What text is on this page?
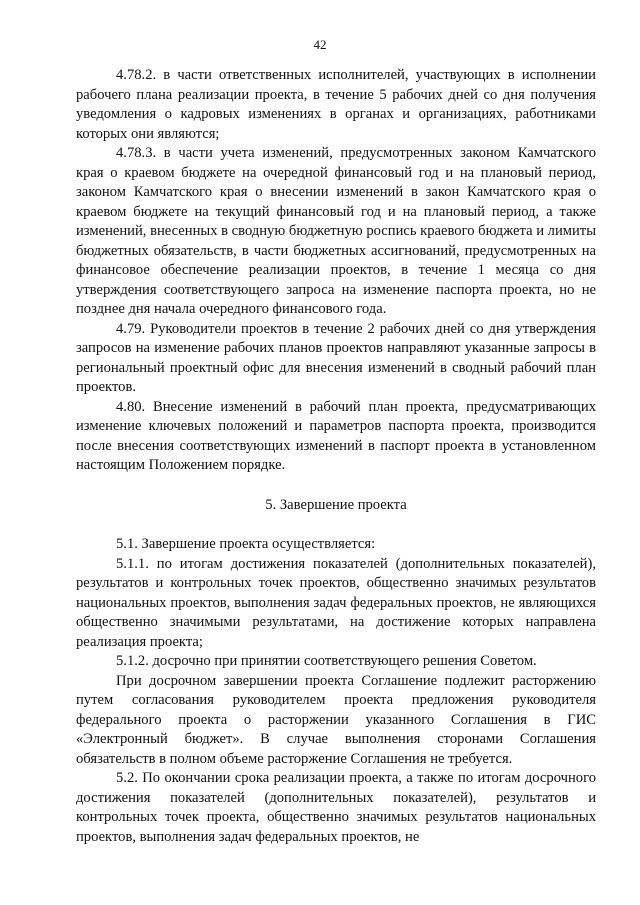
42

4.78.2. в части ответственных исполнителей, участвующих в исполнении рабочего плана реализации проекта, в течение 5 рабочих дней со дня получения уведомления о кадровых изменениях в органах и организациях, работниками которых они являются;

4.78.3. в части учета изменений, предусмотренных законом Камчатского края о краевом бюджете на очередной финансовый год и на плановый период, законом Камчатского края о внесении изменений в закон Камчатского края о краевом бюджете на текущий финансовый год и на плановый период, а также изменений, внесенных в сводную бюджетную роспись краевого бюджета и лимиты бюджетных обязательств, в части бюджетных ассигнований, предусмотренных на финансовое обеспечение реализации проектов, в течение 1 месяца со дня утверждения соответствующего запроса на изменение паспорта проекта, но не позднее дня начала очередного финансового года.

4.79. Руководители проектов в течение 2 рабочих дней со дня утверждения запросов на изменение рабочих планов проектов направляют указанные запросы в региональный проектный офис для внесения изменений в сводный рабочий план проектов.

4.80. Внесение изменений в рабочий план проекта, предусматривающих изменение ключевых положений и параметров паспорта проекта, производится после внесения соответствующих изменений в паспорт проекта в установленном настоящим Положением порядке.

5. Завершение проекта

5.1. Завершение проекта осуществляется:

5.1.1. по итогам достижения показателей (дополнительных показателей), результатов и контрольных точек проектов, общественно значимых результатов национальных проектов, выполнения задач федеральных проектов, не являющихся общественно значимыми результатами, на достижение которых направлена реализация проекта;

5.1.2. досрочно при принятии соответствующего решения Советом.

При досрочном завершении проекта Соглашение подлежит расторжению путем согласования руководителем проекта предложения руководителя федерального проекта о расторжении указанного Соглашения в ГИС «Электронный бюджет». В случае выполнения сторонами Соглашения обязательств в полном объеме расторжение Соглашения не требуется.

5.2. По окончании срока реализации проекта, а также по итогам досрочного достижения показателей (дополнительных показателей), результатов и контрольных точек проекта, общественно значимых результатов национальных проектов, выполнения задач федеральных проектов, не
